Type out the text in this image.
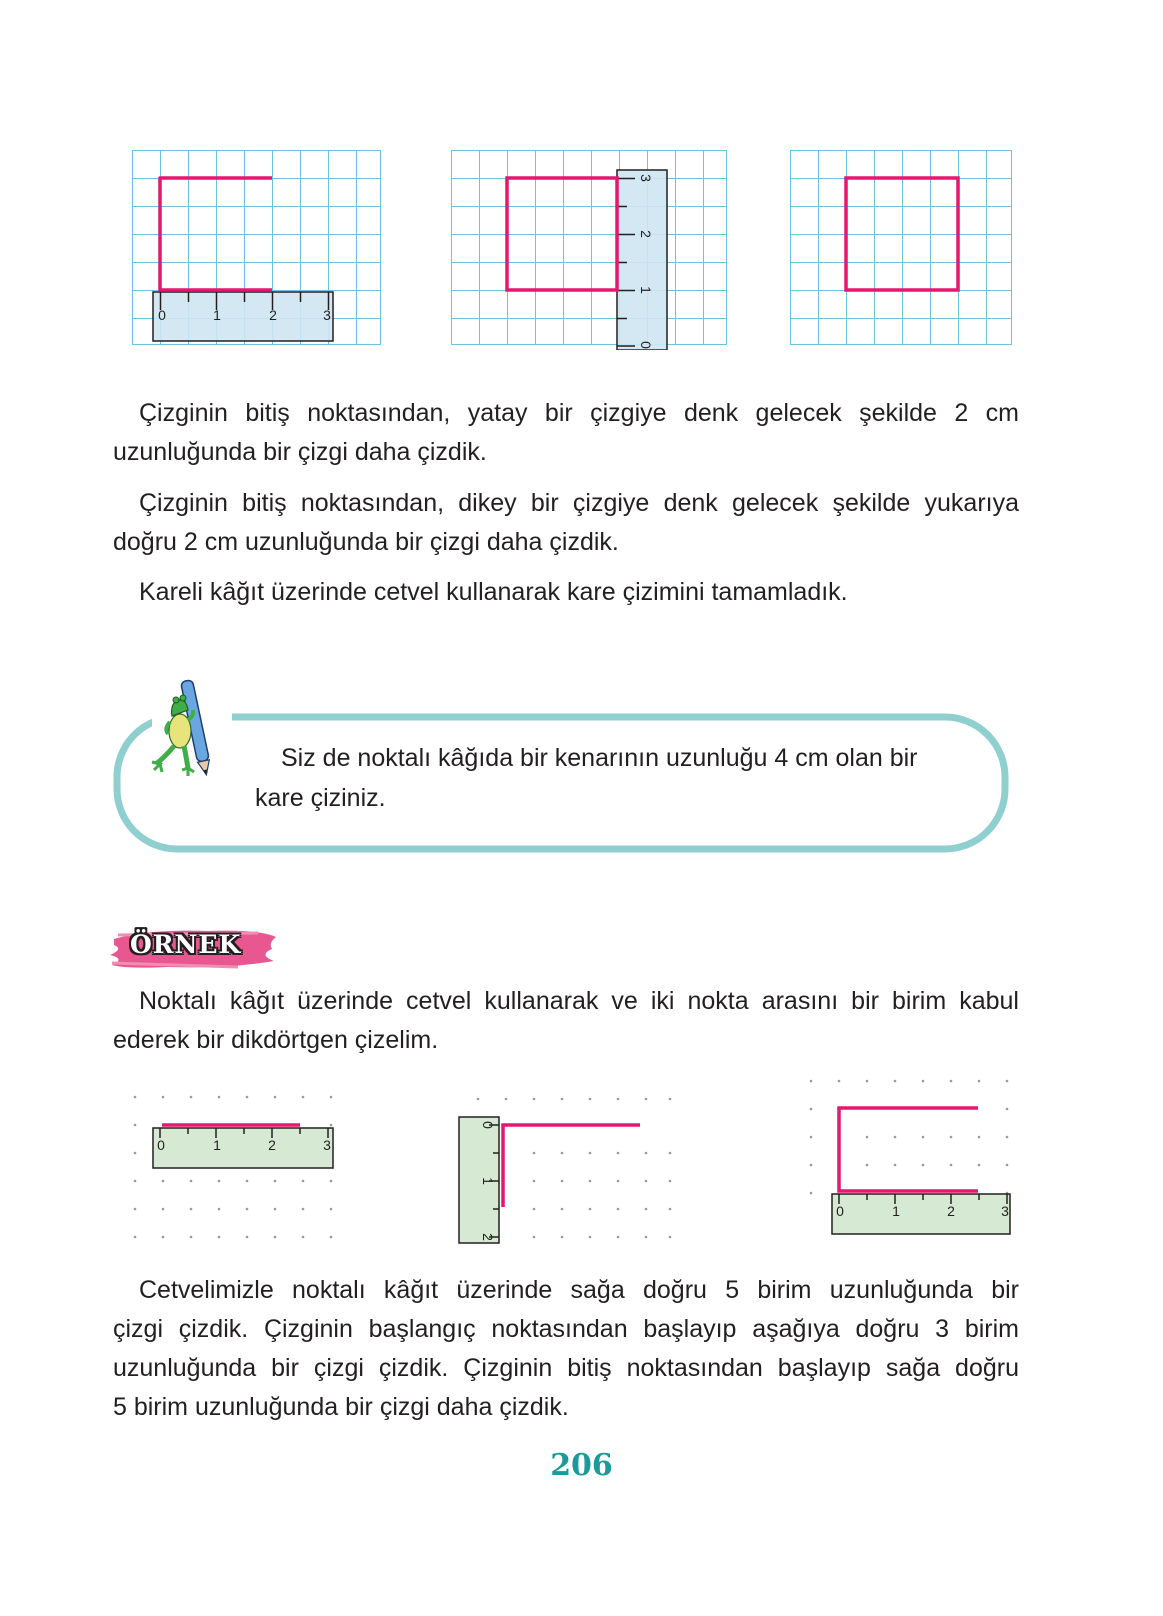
0	1	2	3
0
1
2
3
Çizginin bitiş noktasından, yatay bir çizgiye denk gelecek şekilde 2 cm
uzunluğunda bir çizgi daha çizdik.
Çizginin bitiş noktasından, dikey bir çizgiye denk gelecek şekilde yukarıya
doğru 2 cm uzunluğunda bir çizgi daha çizdik.
Kareli kâğıt üzerinde cetvel kullanarak kare çizimini tamamladık.
Siz de noktalı kâğıda bir kenarının uzunluğu 4 cm olan bir
kare çiziniz.
ÖRNEK
Noktalı kâğıt üzerinde cetvel kullanarak ve iki nokta arasını bir birim kabul
ederek bir dikdörtgen çizelim.
0	1	2	3
0
1
2
0	1	2	3
Cetvelimizle noktalı kâğıt üzerinde sağa doğru 5 birim uzunluğunda bir
çizgi çizdik. Çizginin başlangıç noktasından başlayıp aşağıya doğru 3 birim
uzunluğunda bir çizgi çizdik. Çizginin bitiş noktasından başlayıp sağa doğru
5 birim uzunluğunda bir çizgi daha çizdik.
206
